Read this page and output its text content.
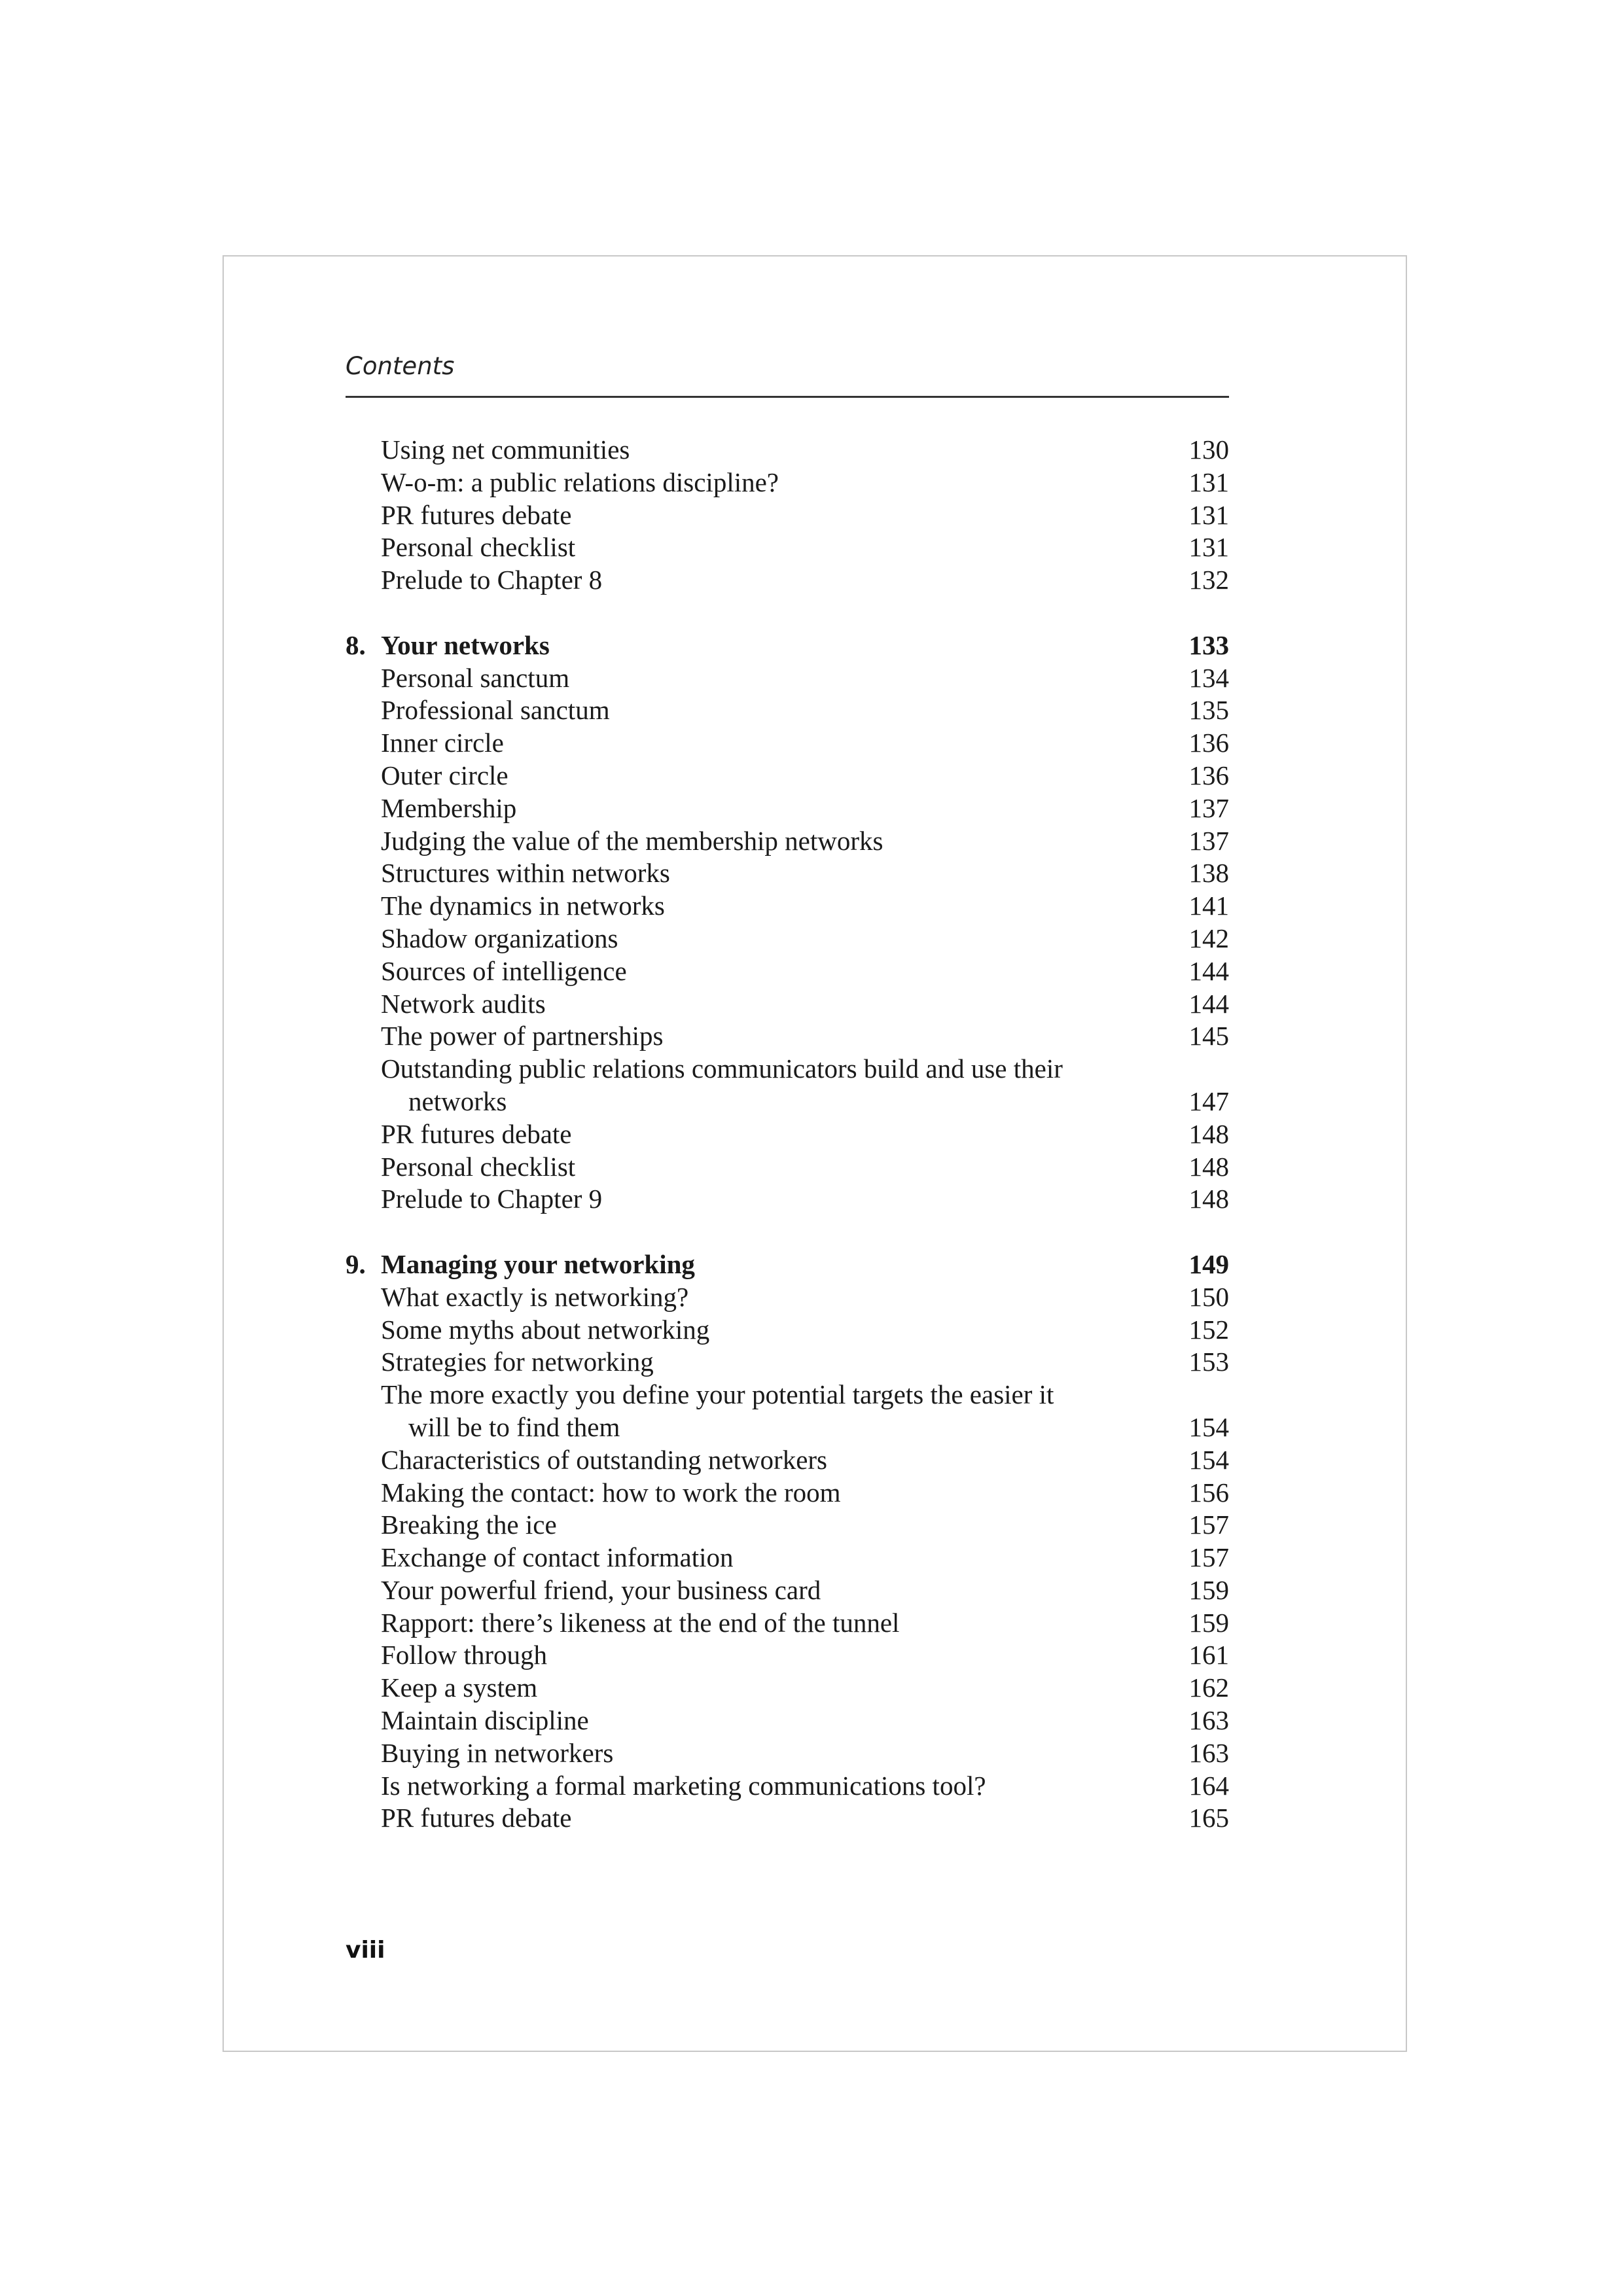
Contents
Using net communities	130
W-o-m: a public relations discipline?	131
PR futures debate	131
Personal checklist	131
Prelude to Chapter 8	132
8. Your networks	133
Personal sanctum	134
Professional sanctum	135
Inner circle	136
Outer circle	136
Membership	137
Judging the value of the membership networks	137
Structures within networks	138
The dynamics in networks	141
Shadow organizations	142
Sources of intelligence	144
Network audits	144
The power of partnerships	145
Outstanding public relations communicators build and use their
networks	147
PR futures debate	148
Personal checklist	148
Prelude to Chapter 9	148
9. Managing your networking	149
What exactly is networking?	150
Some myths about networking	152
Strategies for networking	153
The more exactly you define your potential targets the easier it
will be to find them	154
Characteristics of outstanding networkers	154
Making the contact: how to work the room	156
Breaking the ice	157
Exchange of contact information	157
Your powerful friend, your business card	159
Rapport: there’s likeness at the end of the tunnel	159
Follow through	161
Keep a system	162
Maintain discipline	163
Buying in networkers	163
Is networking a formal marketing communications tool?	164
PR futures debate	165
viii
